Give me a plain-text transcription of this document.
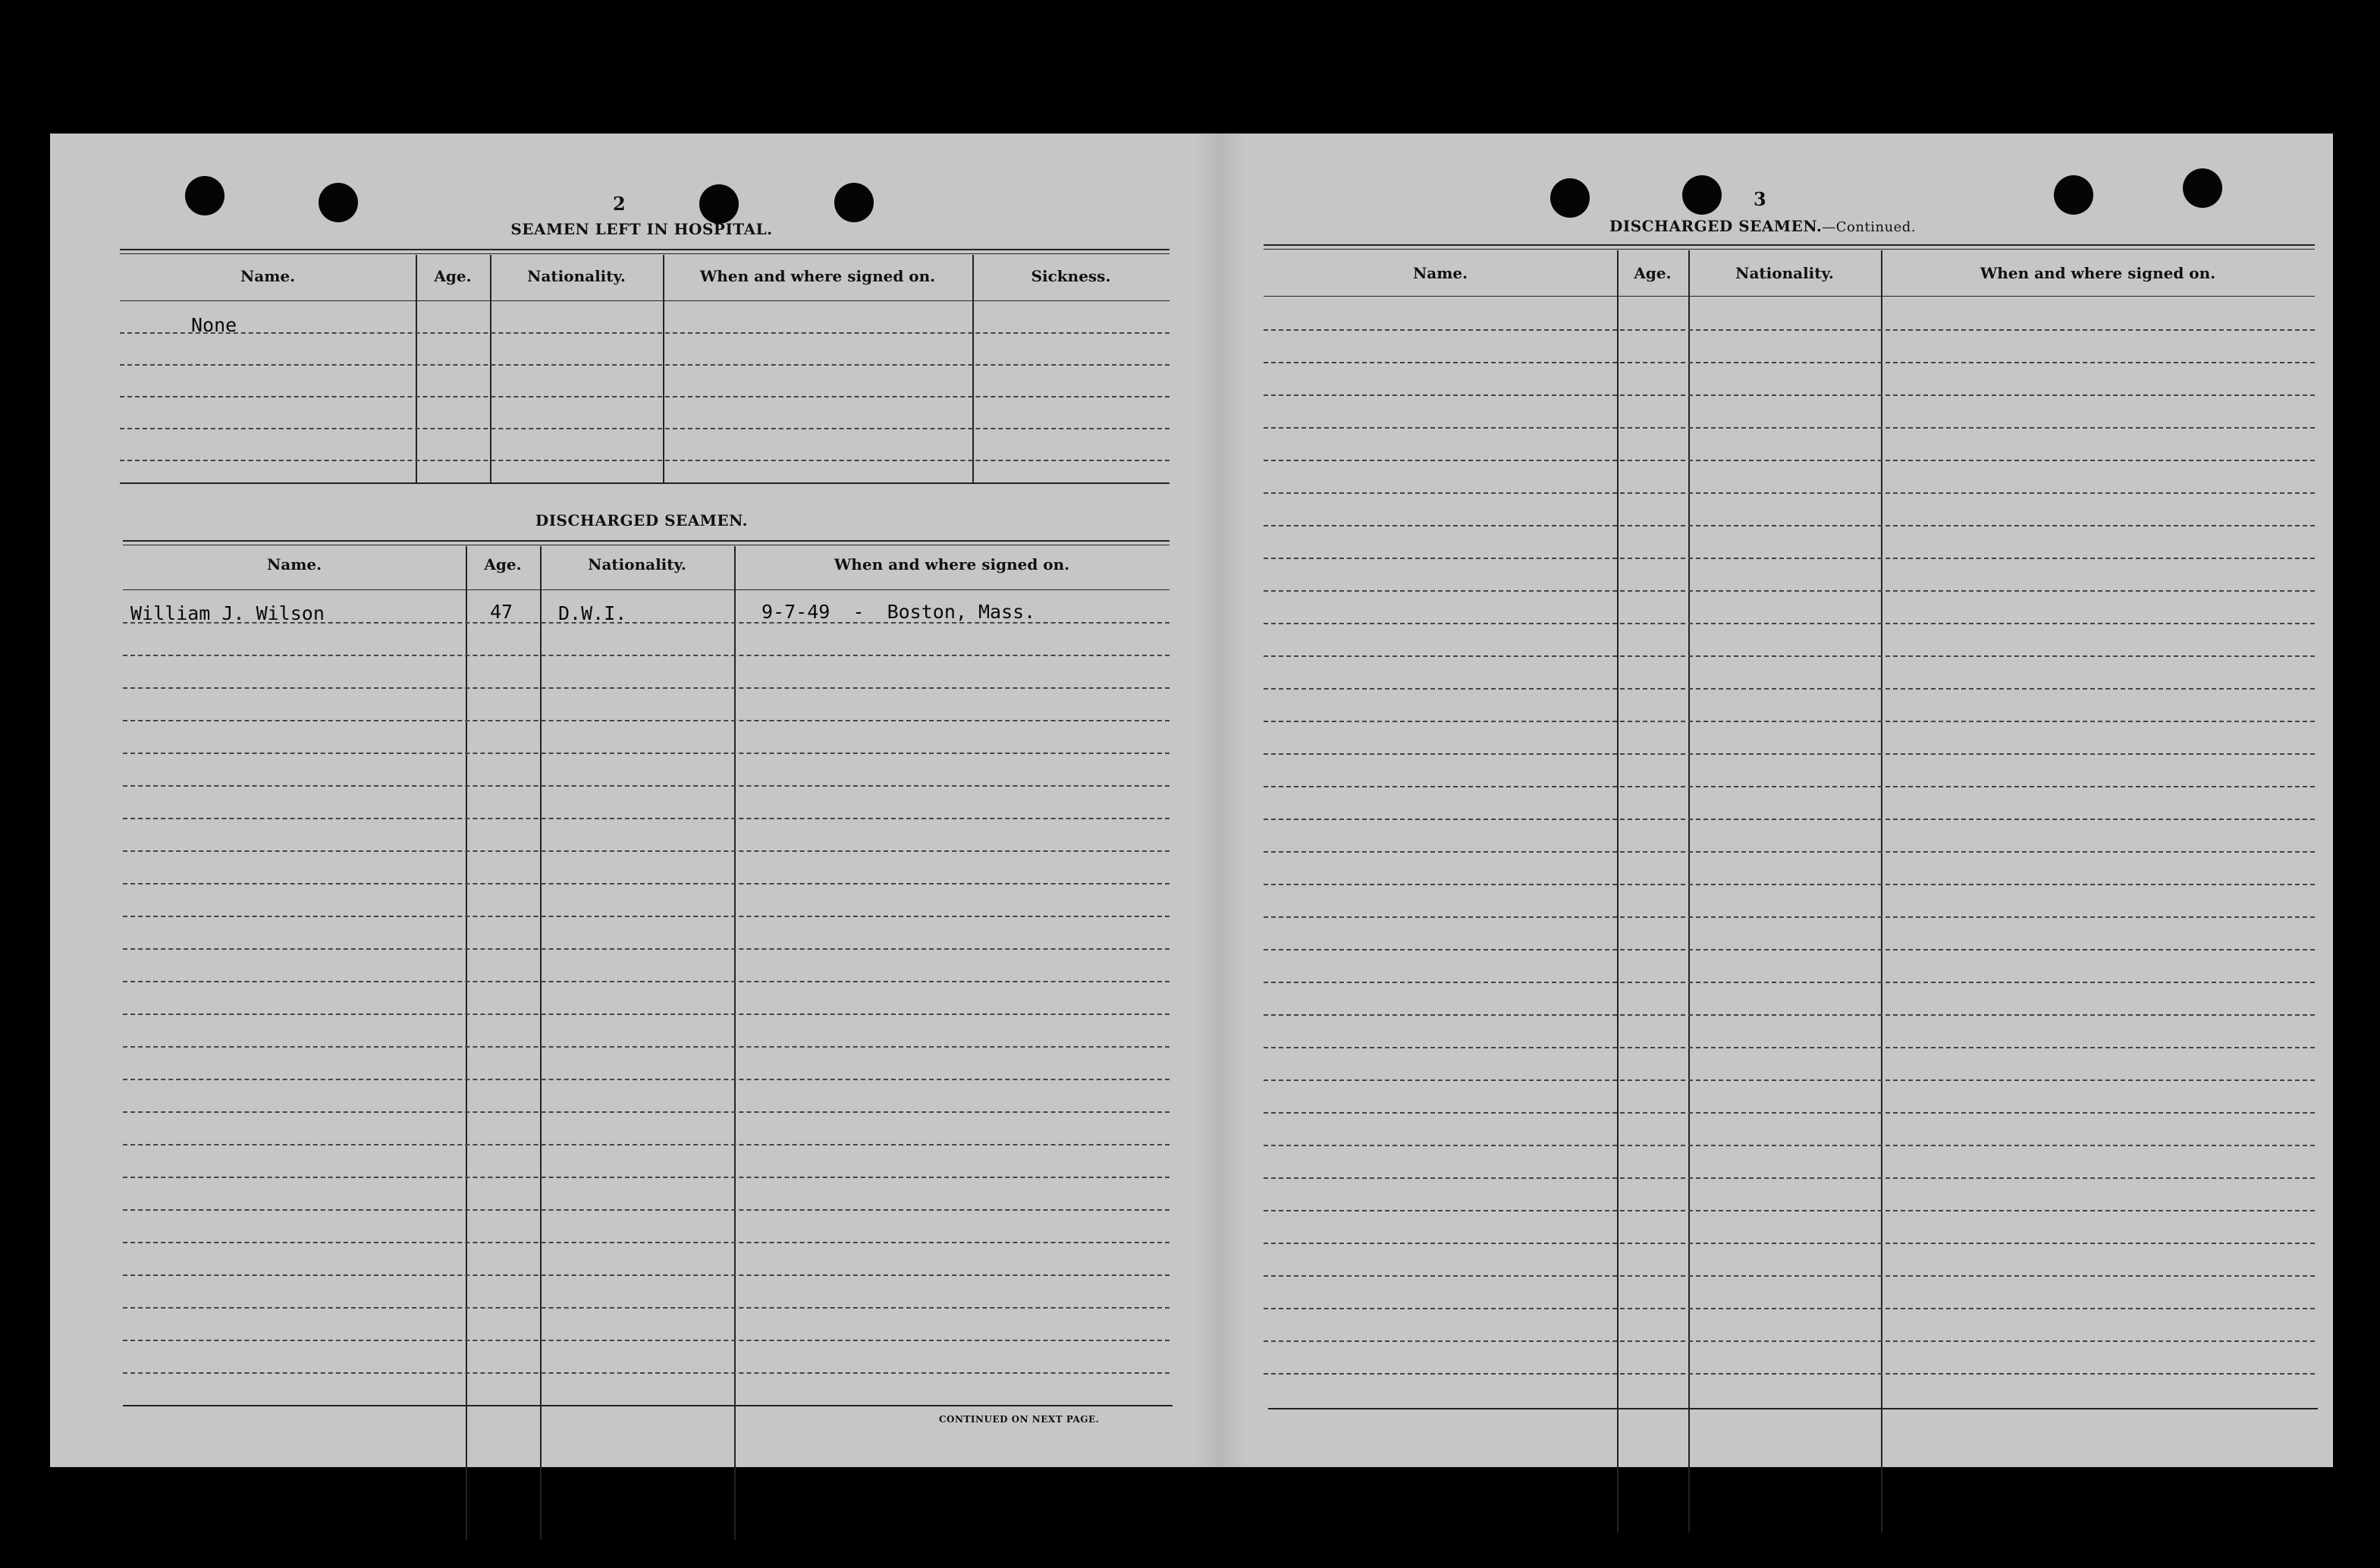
2
SEAMEN LEFT IN HOSPITAL.
Name.	Age.	Nationality.	When and where signed on.	Sickness.
None
DISCHARGED SEAMEN.
Name.	Age.	Nationality.	When and where signed on.
William J. Wilson	47 D.W.I.	9-7-49  -  Boston, Mass.
CONTINUED ON NEXT PAGE.
3
DISCHARGED SEAMEN.—Continued.
Name.	Age.	Nationality.	When and where signed on.
